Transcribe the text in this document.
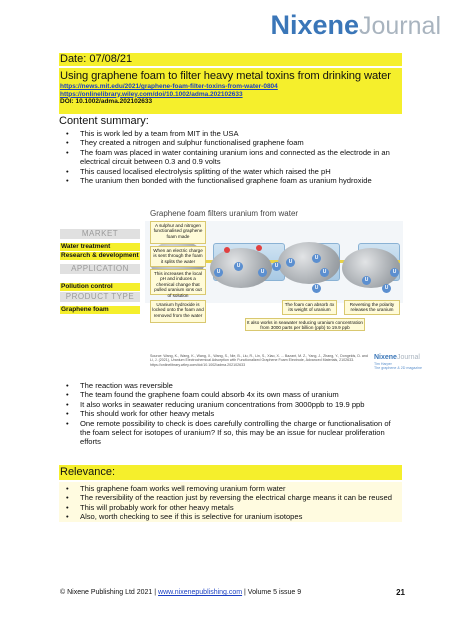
NixeneJournal
Date: 07/08/21
Using graphene foam to filter heavy metal toxins from drinking water
https://news.mit.edu/2021/graphene-foam-filter-toxins-from-water-0804
https://onlinelibrary.wiley.com/doi/10.1002/adma.202102633
DOI: 10.1002/adma.202102633
Content summary:
• This is work led by a team from MIT in the USA
• They created a nitrogen and sulphur functionalised graphene foam
• The foam was placed in water containing uranium ions and connected as the electrode in an electrical circuit between 0.3 and 0.9 volts
• This caused localised electrolysis splitting of the water which raised the pH
• The uranium then bonded with the functionalised graphene foam as uranium hydroxide
Graphene foam filters uranium from water
MARKET
Water treatment
Research & development
APPLICATION
Pollution control
PRODUCT TYPE
Graphene foam
U
U
U
U
U
U
U
U
U
U
U
A sulphur and nitrogen functionalised graphene foam made
When an electric charge is sent through the foam it splits the water
This increases the local pH and induces a chemical change that pulled uranium ions out of solution
Uranium hydroxide is locked onto the foam and removed from the water
The foam can absorb 4x its weight of uranium
Reversing the polarity releases the uranium
It also works in seawater reducing uranium concentration from 3000 parts per billion (ppb) to 19.9 ppb
Source: Wang, K., Wang, K., Wang, X., Wang, S., Nie, B., Liu, R., Lin, S., Xiao, X. ... Bazant, M. Z., Yang, J., Zhang, Y., Dongelds, D. and Li, J. (2021), Uranium Electrochemical Adsorption with Functionalized Graphene Foam Electrode, Advanced Materials, 2102633. https://onlinelibrary.wiley.com/doi/10.1002/adma.202102633
NixeneJournal
Tim Harper
The graphene & 2D magazine
• The reaction was reversible
• The team found the graphene foam could absorb 4x its own mass of uranium
• It also works in seawater reducing uranium concentrations from 3000ppb to 19.9 ppb
• This should work for other heavy metals
• One remote possibility to check is does carefully controlling the charge or functionalisation of the foam select for isotopes of uranium? If so, this may be an issue for nuclear proliferation efforts
Relevance:
• This graphene foam works well removing uranium form water
• The reversibility of the reaction just by reversing the electrical charge means it can be reused
• This will probably work for other heavy metals
• Also, worth checking to see if this is selective for uranium isotopes
© Nixene Publishing Ltd 2021 | www.nixenepublishing.com | Volume 5 issue 9	21
